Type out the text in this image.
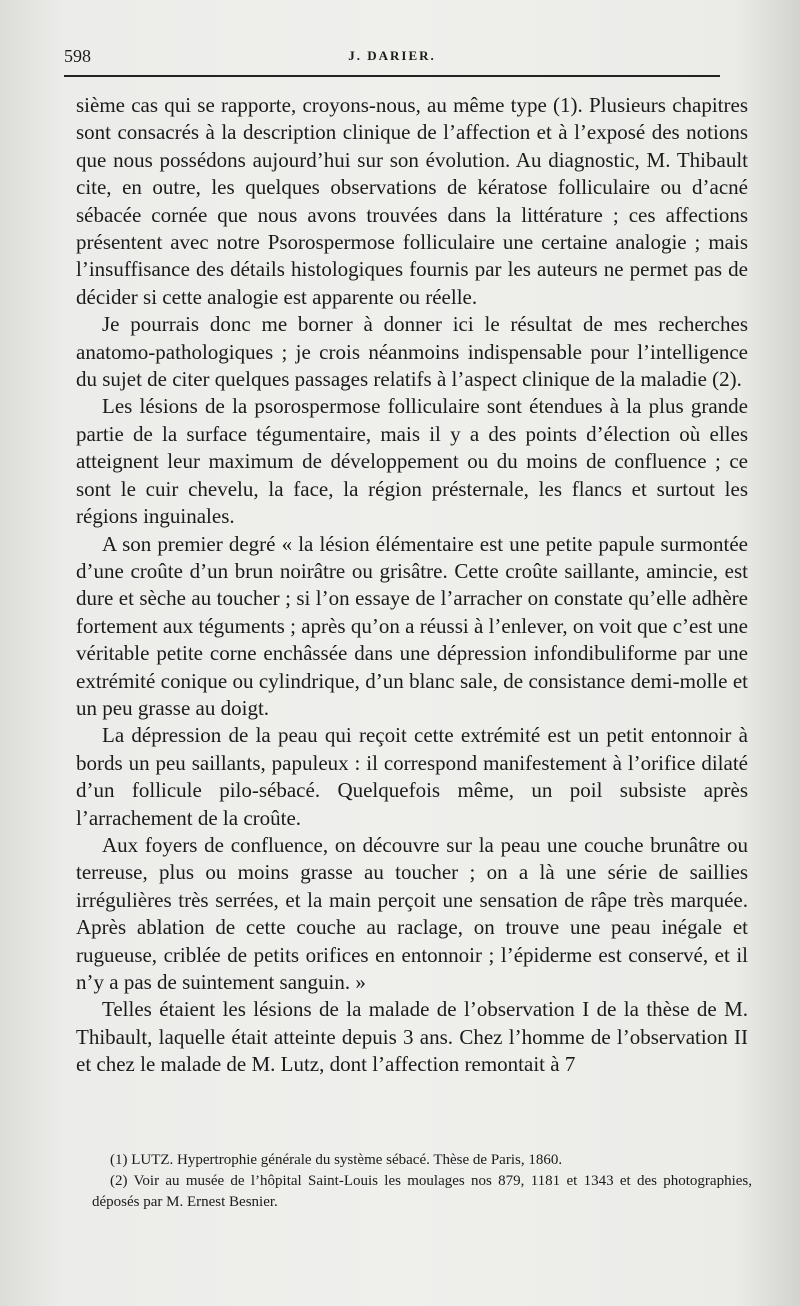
598	J. DARIER.

sième cas qui se rapporte, croyons-nous, au même type (1). Plusieurs chapitres sont consacrés à la description clinique de l’affection et à l’exposé des notions que nous possédons aujourd’hui sur son évolution. Au diagnostic, M. Thibault cite, en outre, les quelques observations de kératose folliculaire ou d’acné sébacée cornée que nous avons trouvées dans la littérature ; ces affections présentent avec notre Psorospermose folliculaire une certaine analogie ; mais l’insuffisance des détails histologiques fournis par les auteurs ne permet pas de décider si cette analogie est apparente ou réelle.

Je pourrais donc me borner à donner ici le résultat de mes recherches anatomo-pathologiques ; je crois néanmoins indispensable pour l’intelligence du sujet de citer quelques passages relatifs à l’aspect clinique de la maladie (2).

Les lésions de la psorospermose folliculaire sont étendues à la plus grande partie de la surface tégumentaire, mais il y a des points d’élection où elles atteignent leur maximum de développement ou du moins de confluence ; ce sont le cuir chevelu, la face, la région présternale, les flancs et surtout les régions inguinales.

A son premier degré « la lésion élémentaire est une petite papule surmontée d’une croûte d’un brun noirâtre ou grisâtre. Cette croûte saillante, amincie, est dure et sèche au toucher ; si l’on essaye de l’arracher on constate qu’elle adhère fortement aux téguments ; après qu’on a réussi à l’enlever, on voit que c’est une véritable petite corne enchâssée dans une dépression infondibuliforme par une extrémité conique ou cylindrique, d’un blanc sale, de consistance demi-molle et un peu grasse au doigt.

La dépression de la peau qui reçoit cette extrémité est un petit entonnoir à bords un peu saillants, papuleux : il correspond manifestement à l’orifice dilaté d’un follicule pilo-sébacé. Quelquefois même, un poil subsiste après l’arrachement de la croûte.

Aux foyers de confluence, on découvre sur la peau une couche brunâtre ou terreuse, plus ou moins grasse au toucher ; on a là une série de saillies irrégulières très serrées, et la main perçoit une sensation de râpe très marquée. Après ablation de cette couche au raclage, on trouve une peau inégale et rugueuse, criblée de petits orifices en entonnoir ; l’épiderme est conservé, et il n’y a pas de suintement sanguin. »

Telles étaient les lésions de la malade de l’observation I de la thèse de M. Thibault, laquelle était atteinte depuis 3 ans. Chez l’homme de l’observation II et chez le malade de M. Lutz, dont l’affection remontait à 7

(1) LUTZ. Hypertrophie générale du système sébacé. Thèse de Paris, 1860.

(2) Voir au musée de l’hôpital Saint-Louis les moulages nos 879, 1181 et 1343 et des photographies, déposés par M. Ernest Besnier.
